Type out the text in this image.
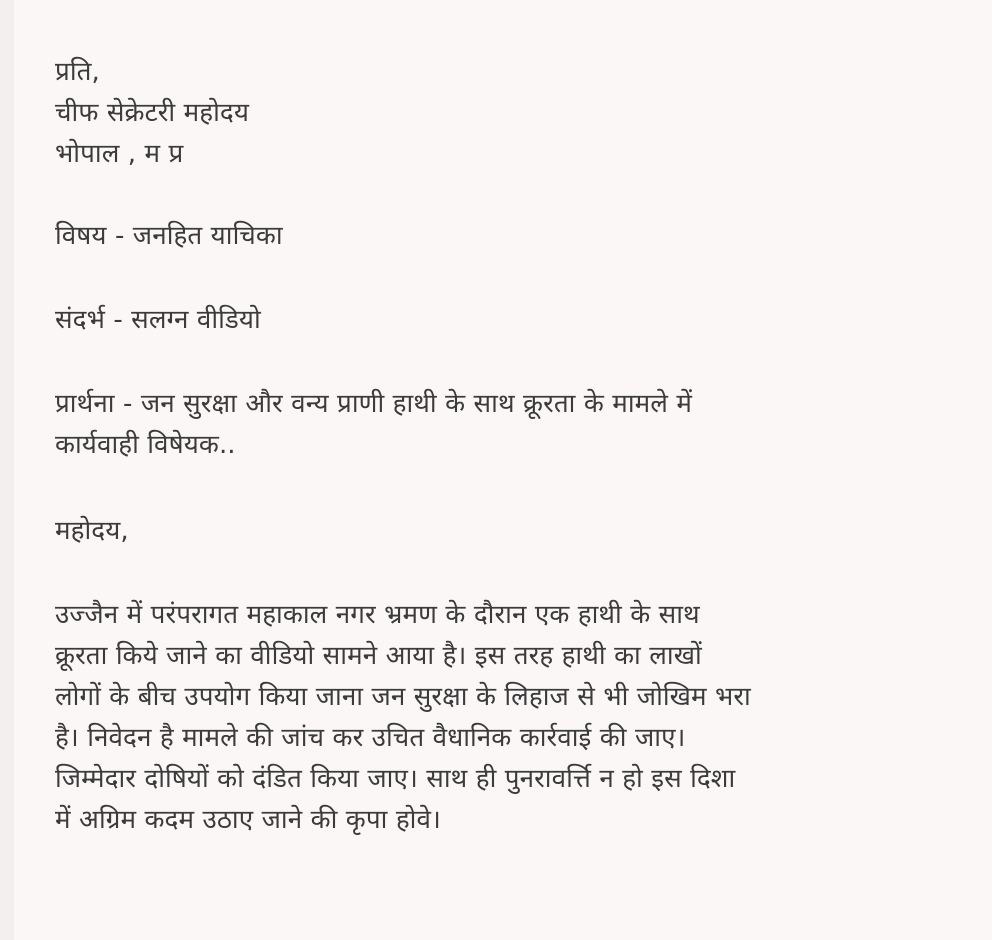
प्रति,
चीफ सेक्रेटरी महोदय
भोपाल , म प्र
विषय - जनहित याचिका
संदर्भ - सलग्न वीडियो
प्रार्थना - जन सुरक्षा और वन्य प्राणी हाथी के साथ क्रूरता के मामले में
कार्यवाही विषेयक..
महोदय,
उज्जैन में परंपरागत महाकाल नगर भ्रमण के दौरान एक हाथी के साथ
क्रूरता किये जाने का वीडियो सामने आया है। इस तरह हाथी का लाखों
लोगों के बीच उपयोग किया जाना जन सुरक्षा के लिहाज से भी जोखिम भरा
है। निवेदन है मामले की जांच कर उचित वैधानिक कार्रवाई की जाए।
जिम्मेदार दोषियों को दंडित किया जाए। साथ ही पुनरावर्त्ति न हो इस दिशा
में अग्रिम कदम उठाए जाने की कृपा होवे।
